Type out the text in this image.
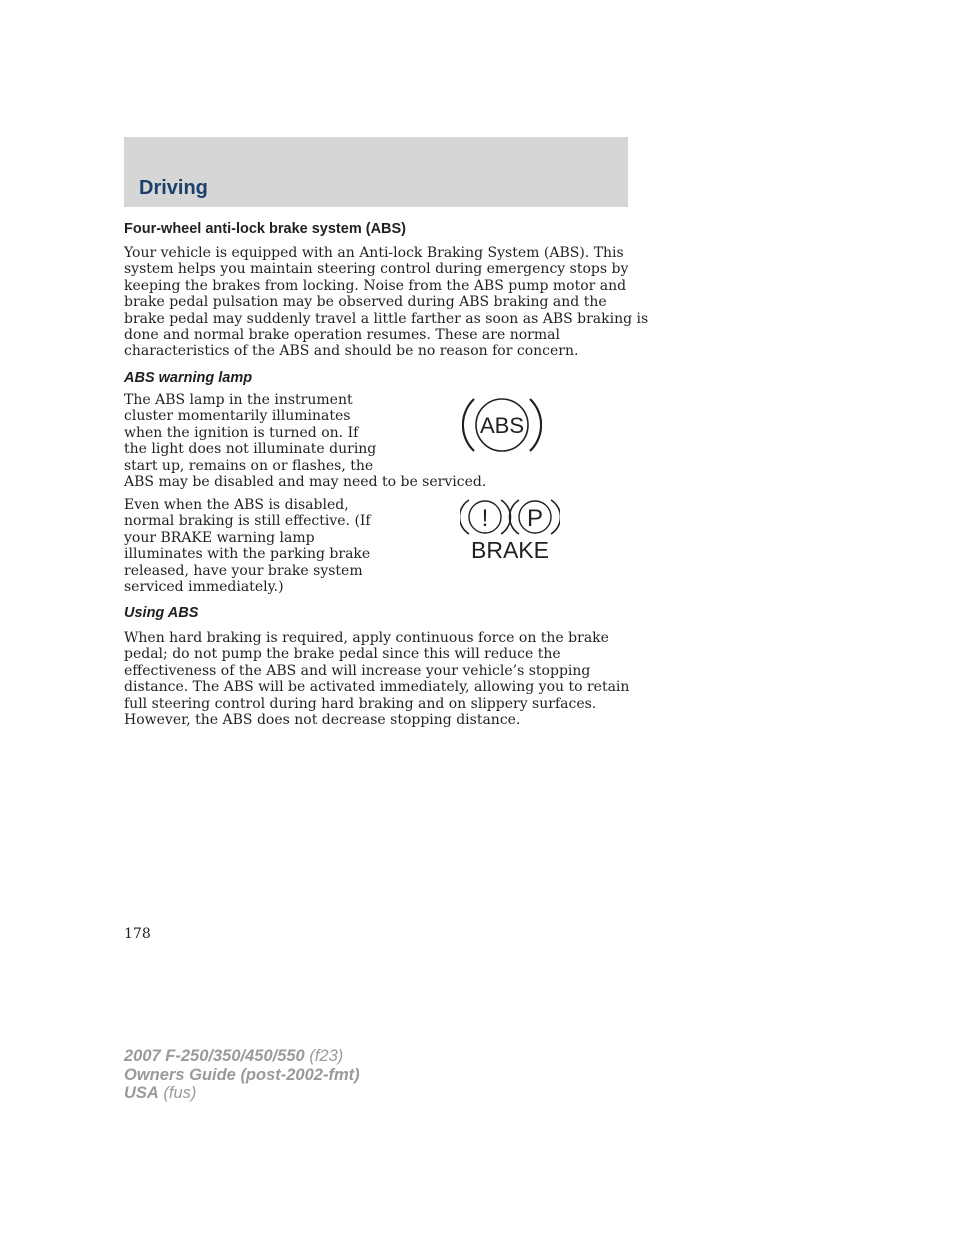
Driving
Four-wheel anti-lock brake system (ABS)
Your vehicle is equipped with an Anti-lock Braking System (ABS). This
system helps you maintain steering control during emergency stops by
keeping the brakes from locking. Noise from the ABS pump motor and
brake pedal pulsation may be observed during ABS braking and the
brake pedal may suddenly travel a little farther as soon as ABS braking is
done and normal brake operation resumes. These are normal
characteristics of the ABS and should be no reason for concern.
ABS warning lamp
The ABS lamp in the instrument
cluster momentarily illuminates
when the ignition is turned on. If
the light does not illuminate during
start up, remains on or flashes, the
ABS may be disabled and may need to be serviced.
ABS
Even when the ABS is disabled,
normal braking is still effective. (If
your BRAKE warning lamp
illuminates with the parking brake
released, have your brake system
serviced immediately.)
! P
BRAKE
Using ABS
When hard braking is required, apply continuous force on the brake
pedal; do not pump the brake pedal since this will reduce the
effectiveness of the ABS and will increase your vehicle’s stopping
distance. The ABS will be activated immediately, allowing you to retain
full steering control during hard braking and on slippery surfaces.
However, the ABS does not decrease stopping distance.
178
2007 F-250/350/450/550 (f23)
Owners Guide (post-2002-fmt)
USA (fus)
